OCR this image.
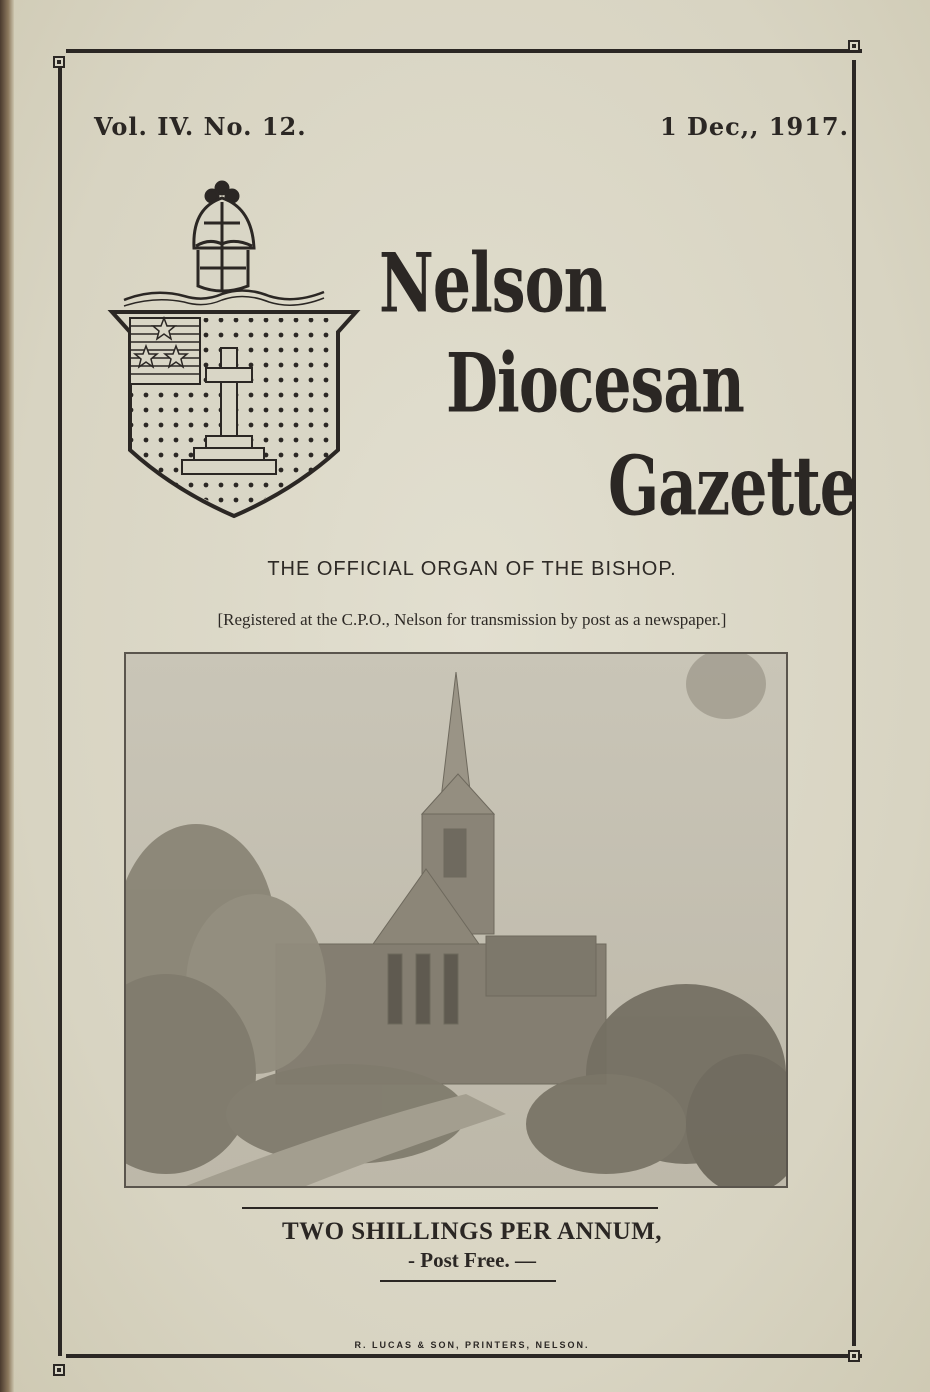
Vol. IV. No. 12.	1 Dec,, 1917.
Nelson
Diocesan
Gazette
THE OFFICIAL ORGAN OF THE BISHOP.
[Registered at the C.P.O., Nelson for transmission by post as a newspaper.]
TWO SHILLINGS PER ANNUM,
- Post Free. —
R. LUCAS & SON, PRINTERS, NELSON.
